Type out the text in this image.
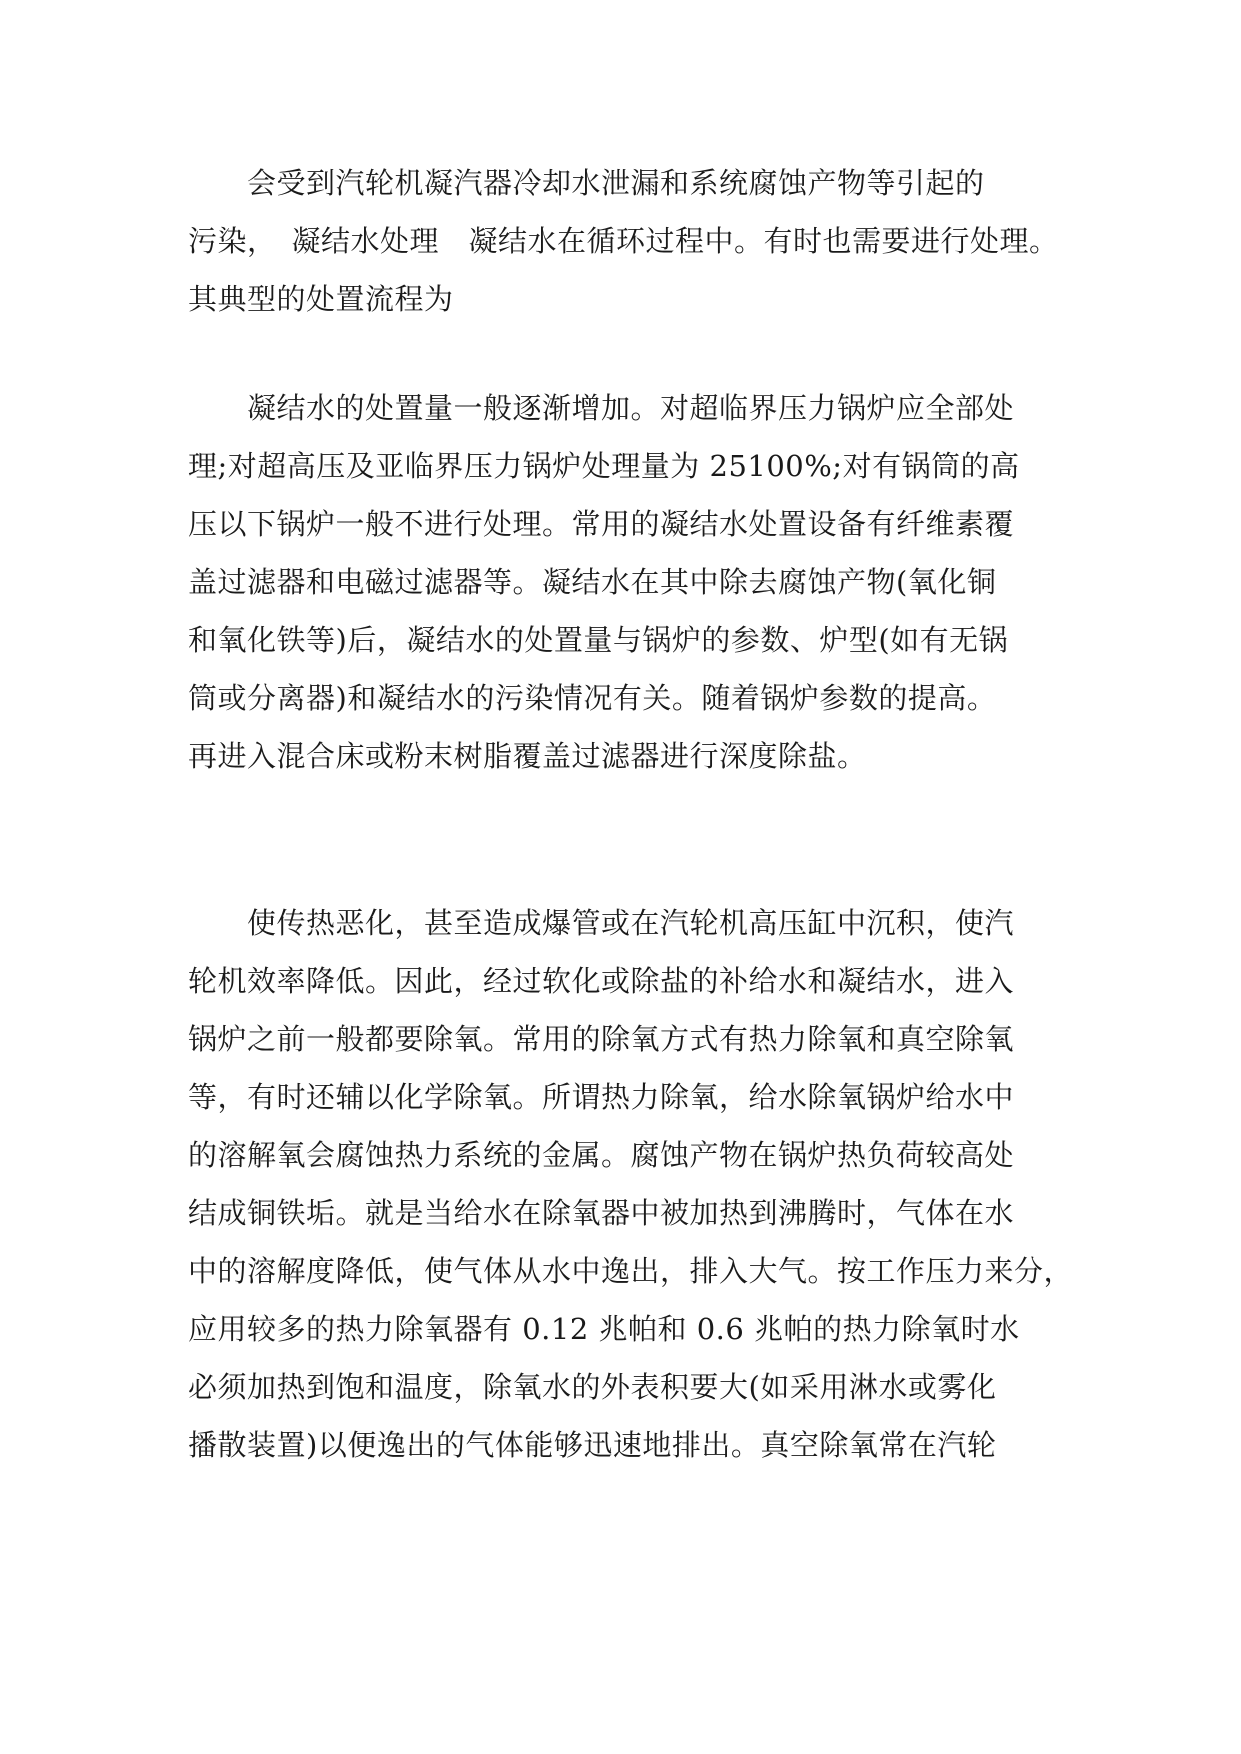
　　会受到汽轮机凝汽器冷却水泄漏和系统腐蚀产物等引起的
污染，　凝结水处理　凝结水在循环过程中。有时也需要进行处理。
其典型的处置流程为

　　凝结水的处置量一般逐渐增加。对超临界压力锅炉应全部处
理;对超高压及亚临界压力锅炉处理量为 25100%;对有锅筒的高
压以下锅炉一般不进行处理。常用的凝结水处置设备有纤维素覆
盖过滤器和电磁过滤器等。凝结水在其中除去腐蚀产物(氧化铜
和氧化铁等)后，凝结水的处置量与锅炉的参数、炉型(如有无锅
筒或分离器)和凝结水的污染情况有关。随着锅炉参数的提高。
再进入混合床或粉末树脂覆盖过滤器进行深度除盐。

　　使传热恶化，甚至造成爆管或在汽轮机高压缸中沉积，使汽
轮机效率降低。因此，经过软化或除盐的补给水和凝结水，进入
锅炉之前一般都要除氧。常用的除氧方式有热力除氧和真空除氧
等，有时还辅以化学除氧。所谓热力除氧，给水除氧锅炉给水中
的溶解氧会腐蚀热力系统的金属。腐蚀产物在锅炉热负荷较高处
结成铜铁垢。就是当给水在除氧器中被加热到沸腾时，气体在水
中的溶解度降低，使气体从水中逸出，排入大气。按工作压力来分，
应用较多的热力除氧器有 0.12 兆帕和 0.6 兆帕的热力除氧时水
必须加热到饱和温度，除氧水的外表积要大(如采用淋水或雾化
播散装置)以便逸出的气体能够迅速地排出。真空除氧常在汽轮
